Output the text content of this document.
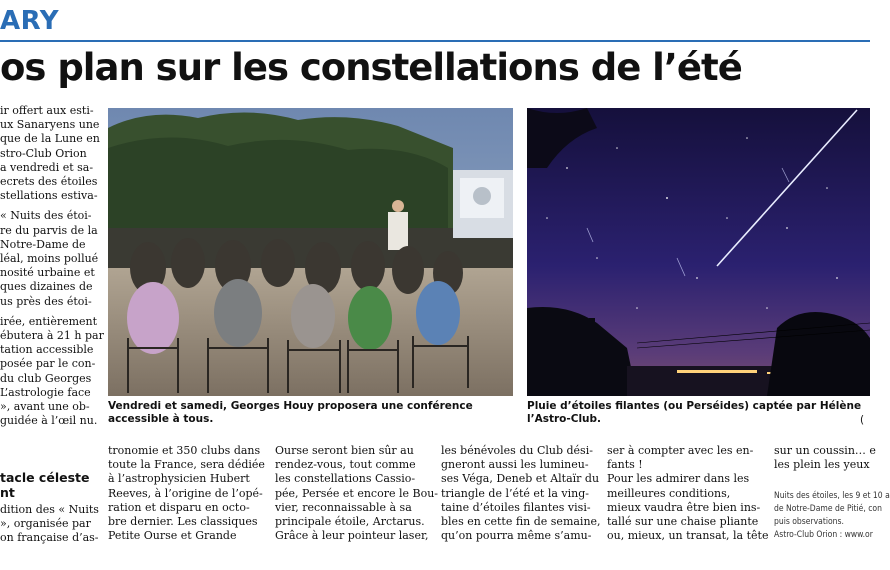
ARY
os plan sur les constellations de l’été
ir offert aux esti-
ux Sanaryens une
que de la Lune en
stro-Club Orion
a vendredi et sa-
ecrets des étoiles
stellations estiva-
« Nuits des étoi-
re du parvis de la
Notre-Dame de
léal, moins pollué
nosité urbaine et
ques dizaines de
us près des étoi-
irée, entièrement
ébutera à 21 h par
tation accessible
posée par le con-
du club Georges
L’astrologie face
», avant une ob-
guidée à l’œil nu.
tacle céleste
nt
dition des « Nuits
», organisée par
on française d’as-
Vendredi et samedi, Georges Houy proposera une conférence
accessible à tous.
Pluie d’étoiles filantes (ou Perséides) captée par Hélène
l’Astro-Club.	(
tronomie et 350 clubs dans
toute la France, sera dédiée
à l’astrophysicien Hubert
Reeves, à l’origine de l’opé-
ration et disparu en octo-
bre dernier. Les classiques
Petite Ourse et Grande
Ourse seront bien sûr au
rendez-vous, tout comme
les constellations Cassio-
pée, Persée et encore le Bou-
vier, reconnaissable à sa
principale étoile, Arctarus.
Grâce à leur pointeur laser,
les bénévoles du Club dési-
gneront aussi les lumineu-
ses Véga, Deneb et Altaïr du
triangle de l’été et la ving-
taine d’étoiles filantes visi-
bles en cette fin de semaine,
qu’on pourra même s’amu-
ser à compter avec les en-
fants !
Pour les admirer dans les
meilleures conditions,
mieux vaudra être bien ins-
tallé sur une chaise pliante
ou, mieux, un transat, la tête
sur un coussin… e
les plein les yeux
Nuits des étoiles, les 9 et 10 a
de Notre-Dame de Pitié, con
puis observations.
Astro-Club Orion : www.or
